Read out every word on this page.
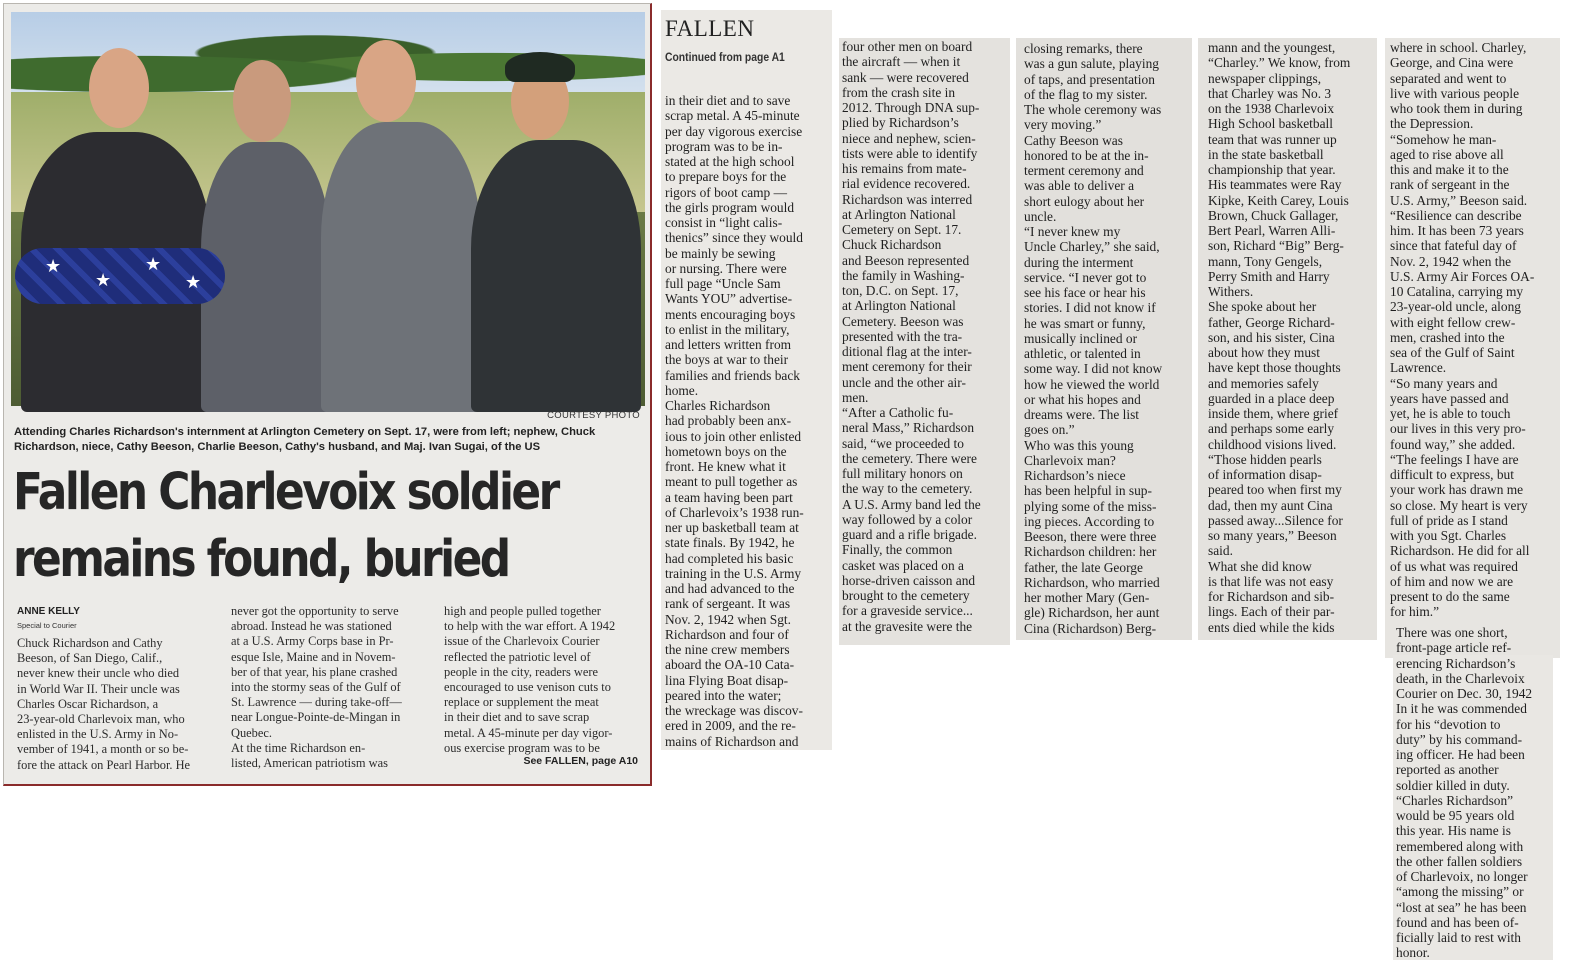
★
★
★
★
COURTESY PHOTO
Attending Charles Richardson's internment at Arlington Cemetery on Sept. 17, were from left; nephew, Chuck Richardson, niece, Cathy Beeson, Charlie Beeson, Cathy's husband, and Maj. Ivan Sugai, of the US
Fallen Charlevoix soldier
remains found, buried
ANNE KELLY
Special to Courier
Chuck Richardson and Cathy
Beeson, of San Diego, Calif.,
never knew their uncle who died
in World War II. Their uncle was
Charles Oscar Richardson, a
23-year-old Charlevoix man, who
enlisted in the U.S. Army in No-
vember of 1941, a month or so be-
fore the attack on Pearl Harbor. He
never got the opportunity to serve
abroad. Instead he was stationed
at a U.S. Army Corps base in Pr-
esque Isle, Maine and in Novem-
ber of that year, his plane crashed
into the stormy seas of the Gulf of
St. Lawrence — during take-off—
near Longue-Pointe-de-Mingan in
Quebec.
At the time Richardson en-
listed, American patriotism was
high and people pulled together
to help with the war effort. A 1942
issue of the Charlevoix Courier
reflected the patriotic level of
people in the city, readers were
encouraged to use venison cuts to
replace or supplement the meat
in their diet and to save scrap
metal. A 45-minute per day vigor-
ous exercise program was to be
See FALLEN, page A10
FALLEN
Continued from page A1
in their diet and to save
scrap metal. A 45-minute
per day vigorous exercise
program was to be in-
stated at the high school
to prepare boys for the
rigors of boot camp —
the girls program would
consist in “light calis-
thenics” since they would
be mainly be sewing
or nursing. There were
full page “Uncle Sam
Wants YOU” advertise-
ments encouraging boys
to enlist in the military,
and letters written from
the boys at war to their
families and friends back
home.
Charles Richardson
had probably been anx-
ious to join other enlisted
hometown boys on the
front. He knew what it
meant to pull together as
a team having been part
of Charlevoix’s 1938 run-
ner up basketball team at
state finals. By 1942, he
had completed his basic
training in the U.S. Army
and had advanced to the
rank of sergeant. It was
Nov. 2, 1942 when Sgt.
Richardson and four of
the nine crew members
aboard the OA-10 Cata-
lina Flying Boat disap-
peared into the water;
the wreckage was discov-
ered in 2009, and the re-
mains of Richardson and
four other men on board
the aircraft — when it
sank — were recovered
from the crash site in
2012. Through DNA sup-
plied by Richardson’s
niece and nephew, scien-
tists were able to identify
his remains from mate-
rial evidence recovered.
Richardson was interred
at Arlington National
Cemetery on Sept. 17.
Chuck Richardson
and Beeson represented
the family in Washing-
ton, D.C. on Sept. 17,
at Arlington National
Cemetery. Beeson was
presented with the tra-
ditional flag at the inter-
ment ceremony for their
uncle and the other air-
men.
“After a Catholic fu-
neral Mass,” Richardson
said, “we proceeded to
the cemetery. There were
full military honors on
the way to the cemetery.
A U.S. Army band led the
way followed by a color
guard and a rifle brigade.
Finally, the common
casket was placed on a
horse-driven caisson and
brought to the cemetery
for a graveside service...
at the gravesite were the
closing remarks, there
was a gun salute, playing
of taps, and presentation
of the flag to my sister.
The whole ceremony was
very moving.”
Cathy Beeson was
honored to be at the in-
terment ceremony and
was able to deliver a
short eulogy about her
uncle.
“I never knew my
Uncle Charley,” she said,
during the interment
service. “I never got to
see his face or hear his
stories. I did not know if
he was smart or funny,
musically inclined or
athletic, or talented in
some way. I did not know
how he viewed the world
or what his hopes and
dreams were. The list
goes on.”
Who was this young
Charlevoix man?
Richardson’s niece
has been helpful in sup-
plying some of the miss-
ing pieces. According to
Beeson, there were three
Richardson children: her
father, the late George
Richardson, who married
her mother Mary (Gen-
gle) Richardson, her aunt
Cina (Richardson) Berg-
mann and the youngest,
“Charley.” We know, from
newspaper clippings,
that Charley was No. 3
on the 1938 Charlevoix
High School basketball
team that was runner up
in the state basketball
championship that year.
His teammates were Ray
Kipke, Keith Carey, Louis
Brown, Chuck Gallager,
Bert Pearl, Warren Alli-
son, Richard “Big” Berg-
mann, Tony Gengels,
Perry Smith and Harry
Withers.
She spoke about her
father, George Richard-
son, and his sister, Cina
about how they must
have kept those thoughts
and memories safely
guarded in a place deep
inside them, where grief
and perhaps some early
childhood visions lived.
“Those hidden pearls
of information disap-
peared too when first my
dad, then my aunt Cina
passed away...Silence for
so many years,” Beeson
said.
What she did know
is that life was not easy
for Richardson and sib-
lings. Each of their par-
ents died while the kids
where in school. Charley,
George, and Cina were
separated and went to
live with various people
who took them in during
the Depression.
“Somehow he man-
aged to rise above all
this and make it to the
rank of sergeant in the
U.S. Army,” Beeson said.
“Resilience can describe
him. It has been 73 years
since that fateful day of
Nov. 2, 1942 when the
U.S. Army Air Forces OA-
10 Catalina, carrying my
23-year-old uncle, along
with eight fellow crew-
men, crashed into the
sea of the Gulf of Saint
Lawrence.
“So many years and
years have passed and
yet, he is able to touch
our lives in this very pro-
found way,” she added.
“The feelings I have are
difficult to express, but
your work has drawn me
so close. My heart is very
full of pride as I stand
with you Sgt. Charles
Richardson. He did for all
of us what was required
of him and now we are
present to do the same
for him.”
There was one short,
front-page article ref-
erencing Richardson’s
death, in the Charlevoix
Courier on Dec. 30, 1942
In it he was commended
for his “devotion to
duty” by his command-
ing officer. He had been
reported as another
soldier killed in duty.
“Charles Richardson”
would be 95 years old
this year. His name is
remembered along with
the other fallen soldiers
of Charlevoix, no longer
“among the missing” or
“lost at sea” he has been
found and has been of-
ficially laid to rest with
honor.
